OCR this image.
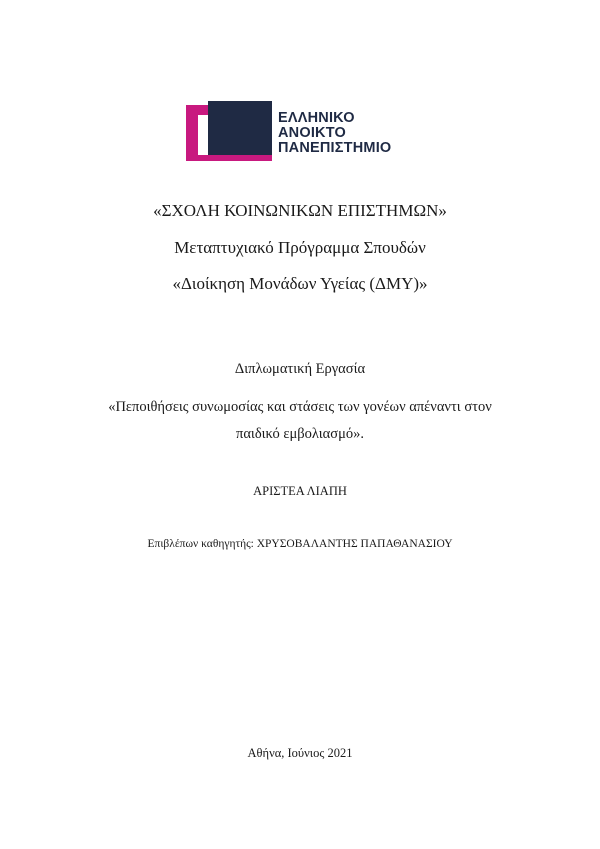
ΕΛΛΗΝΙΚΟ
ΑΝΟΙΚΤΟ
ΠΑΝΕΠΙΣΤΗΜΙΟ
«ΣΧΟΛΗ ΚΟΙΝΩΝΙΚΩΝ ΕΠΙΣΤΗΜΩΝ»
Μεταπτυχιακό Πρόγραμμα Σπουδών
«Διοίκηση Μονάδων Υγείας (ΔΜΥ)»
Διπλωματική Εργασία
«Πεποιθήσεις συνωμοσίας και στάσεις των γονέων απέναντι στον
παιδικό εμβολιασμό».
ΑΡΙΣΤΕΑ ΛΙΑΠΗ
Επιβλέπων καθηγητής: ΧΡΥΣΟΒΑΛΑΝΤΗΣ ΠΑΠΑΘΑΝΑΣΙΟΥ
Αθήνα, Ιούνιος 2021
